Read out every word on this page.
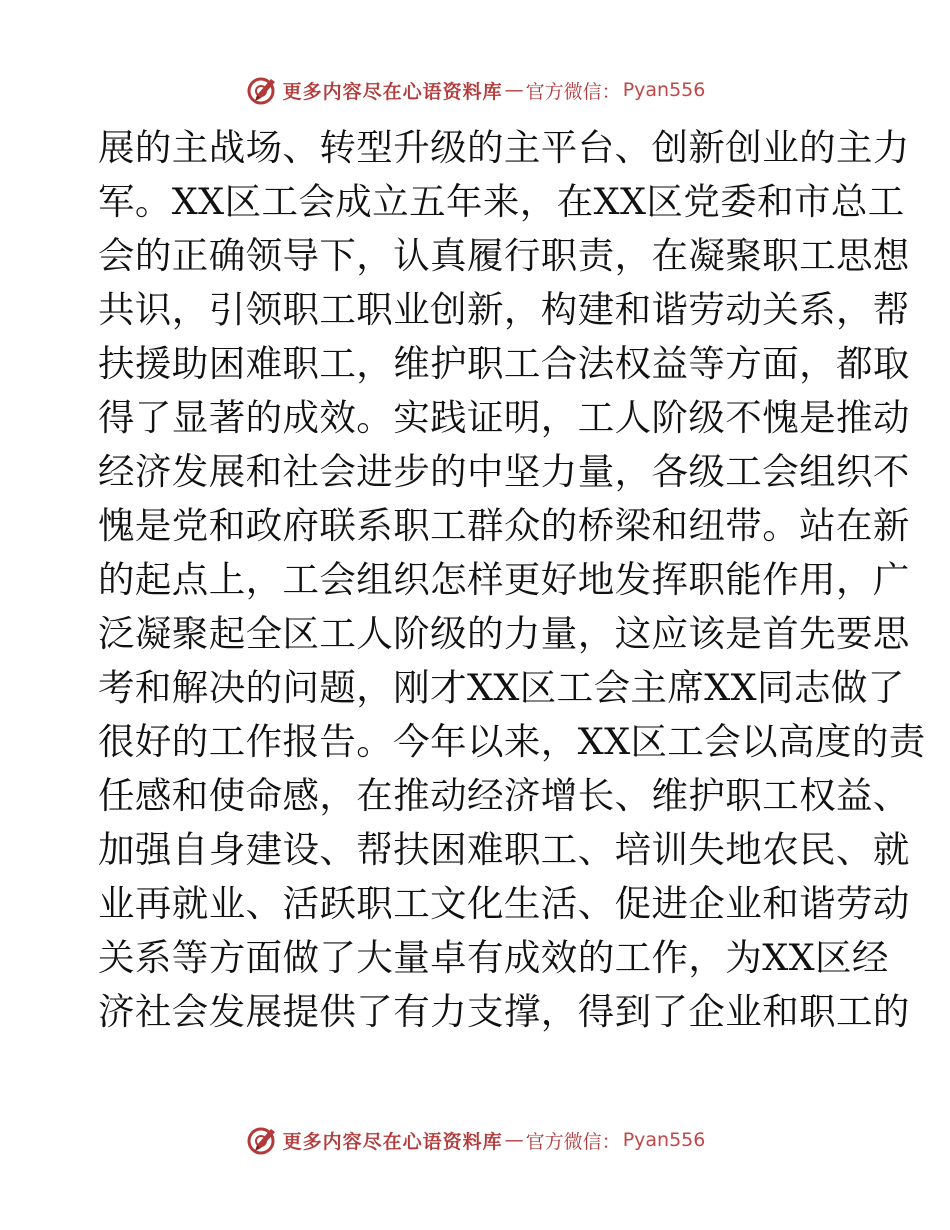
更多内容尽在心语资料库 — 官方微信： Pyan556
展的主战场、转型升级的主平台、创新创业的主力
军。XX区工会成立五年来，在XX区党委和市总工
会的正确领导下，认真履行职责，在凝聚职工思想
共识，引领职工职业创新，构建和谐劳动关系，帮
扶援助困难职工，维护职工合法权益等方面，都取
得了显著的成效。实践证明，工人阶级不愧是推动
经济发展和社会进步的中坚力量，各级工会组织不
愧是党和政府联系职工群众的桥梁和纽带。站在新
的起点上，工会组织怎样更好地发挥职能作用，广
泛凝聚起全区工人阶级的力量，这应该是首先要思
考和解决的问题，刚才XX区工会主席XX同志做了
很好的工作报告。今年以来，XX区工会以高度的责
任感和使命感，在推动经济增长、维护职工权益、
加强自身建设、帮扶困难职工、培训失地农民、就
业再就业、活跃职工文化生活、促进企业和谐劳动
关系等方面做了大量卓有成效的工作，为XX区经
济社会发展提供了有力支撑，得到了企业和职工的
更多内容尽在心语资料库 — 官方微信： Pyan556
